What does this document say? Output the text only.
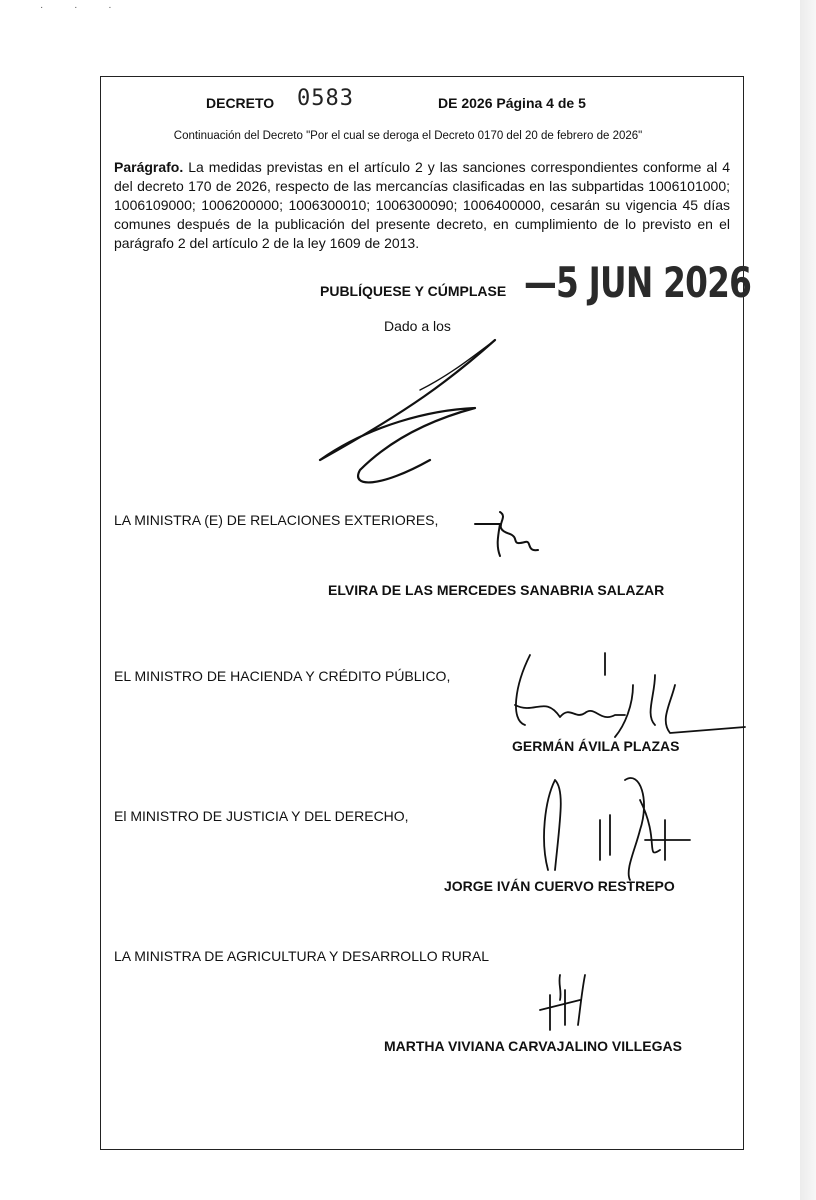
· · ·
DECRETO 0583	DE 2026 Página 4 de 5
Continuación del Decreto "Por el cual se deroga el Decreto 0170 del 20 de febrero de 2026"
Parágrafo. La medidas previstas en el artículo 2 y las sanciones correspondientes conforme al 4 del decreto 170 de 2026, respecto de las mercancías clasificadas en las subpartidas 1006101000; 1006109000; 1006200000; 1006300010; 1006300090; 1006400000, cesarán su vigencia 45 días comunes después de la publicación del presente decreto, en cumplimiento de lo previsto en el parágrafo 2 del artículo 2 de la ley 1609 de 2013.
PUBLÍQUESE Y CÚMPLASE —5 JUN 2026
Dado a los
LA MINISTRA (E) DE RELACIONES EXTERIORES,
ELVIRA DE LAS MERCEDES SANABRIA SALAZAR
EL MINISTRO DE HACIENDA Y CRÉDITO PÚBLICO,
GERMÁN ÁVILA PLAZAS
El MINISTRO DE JUSTICIA Y DEL DERECHO,
JORGE IVÁN CUERVO RESTREPO
LA MINISTRA DE AGRICULTURA Y DESARROLLO RURAL
MARTHA VIVIANA CARVAJALINO VILLEGAS
